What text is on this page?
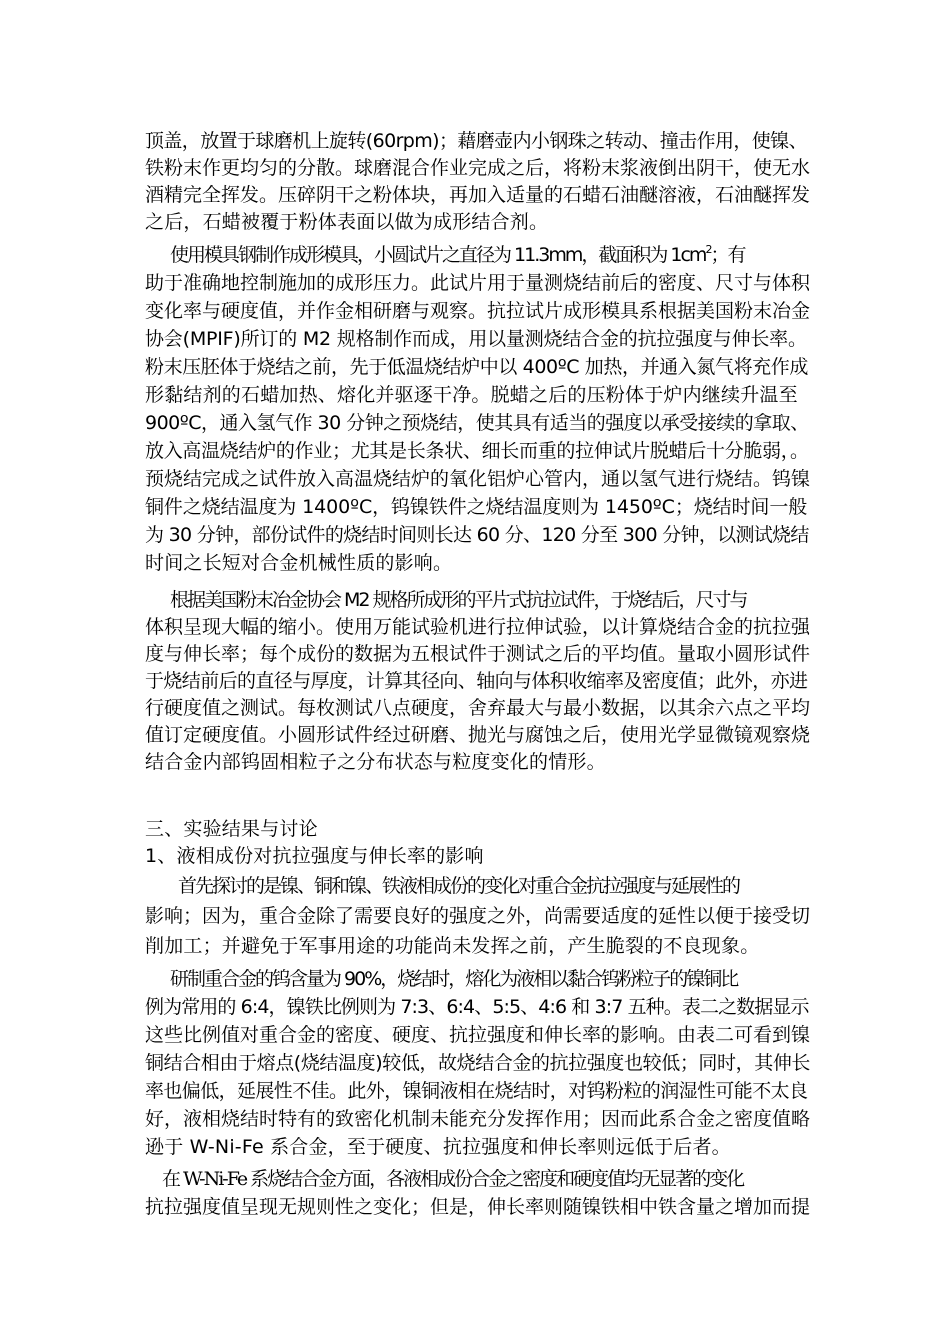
顶盖，放置于球磨机上旋转(60rpm)；藉磨壶内小钢珠之转动、撞击作用，使镍、
铁粉末作更均匀的分散。球磨混合作业完成之后，将粉末浆液倒出阴干，使无水
酒精完全挥发。压碎阴干之粉体块，再加入适量的石蜡石油醚溶液，石油醚挥发
之后，石蜡被覆于粉体表面以做为成形结合剂。
使用模具钢制作成形模具，小圆试片之直径为 11.3mm，截面积为 $1cm^2$；有
助于准确地控制施加的成形压力。此试片用于量测烧结前后的密度、尺寸与体积
变化率与硬度值，并作金相研磨与观察。抗拉试片成形模具系根据美国粉末冶金
协会(MPIF)所订的 M2 规格制作而成，用以量测烧结合金的抗拉强度与伸长率。
粉末压胚体于烧结之前，先于低温烧结炉中以 400ºC 加热，并通入氮气将充作成
形黏结剂的石蜡加热、熔化并驱逐干净。脱蜡之后的压粉体于炉内继续升温至
900ºC，通入氢气作 30 分钟之预烧结，使其具有适当的强度以承受接续的拿取、
放入高温烧结炉的作业；尤其是长条状、细长而重的拉伸试片脱蜡后十分脆弱，。
预烧结完成之试件放入高温烧结炉的氧化铝炉心管内，通以氢气进行烧结。钨镍
铜件之烧结温度为 1400ºC，钨镍铁件之烧结温度则为 1450ºC；烧结时间一般
为 30 分钟，部份试件的烧结时间则长达 60 分、120 分至 300 分钟，以测试烧结
时间之长短对合金机械性质的影响。
根据美国粉末冶金协会 M2 规格所成形的平片式抗拉试件，于烧结后，尺寸与
体积呈现大幅的缩小。使用万能试验机进行拉伸试验，以计算烧结合金的抗拉强
度与伸长率；每个成份的数据为五根试件于测试之后的平均值。量取小圆形试件
于烧结前后的直径与厚度，计算其径向、轴向与体积收缩率及密度值；此外，亦进
行硬度值之测试。每枚测试八点硬度，舍弃最大与最小数据，以其余六点之平均
值订定硬度值。小圆形试件经过研磨、抛光与腐蚀之后，使用光学显微镜观察烧
结合金内部钨固相粒子之分布状态与粒度变化的情形。
三、实验结果与讨论
1、液相成份对抗拉强度与伸长率的影响
首先探讨的是镍、铜和镍、铁液相成份的变化对重合金抗拉强度与延展性的
影响；因为，重合金除了需要良好的强度之外，尚需要适度的延性以便于接受切
削加工；并避免于军事用途的功能尚未发挥之前，产生脆裂的不良现象。
研制重合金的钨含量为 90%，烧结时，熔化为液相以黏合钨粉粒子的镍铜比
例为常用的 6:4，镍铁比例则为 7:3、6:4、5:5、4:6 和 3:7 五种。表二之数据显示
这些比例值对重合金的密度、硬度、抗拉强度和伸长率的影响。由表二可看到镍
铜结合相由于熔点(烧结温度)较低，故烧结合金的抗拉强度也较低；同时，其伸长
率也偏低，延展性不佳。此外，镍铜液相在烧结时，对钨粉粒的润湿性可能不太良
好，液相烧结时特有的致密化机制未能充分发挥作用；因而此系合金之密度值略
逊于 W-Ni-Fe 系合金，至于硬度、抗拉强度和伸长率则远低于后者。
在 W-Ni-Fe 系烧结合金方面，各液相成份合金之密度和硬度值均无显著的变化
抗拉强度值呈现无规则性之变化；但是，伸长率则随镍铁相中铁含量之增加而提
